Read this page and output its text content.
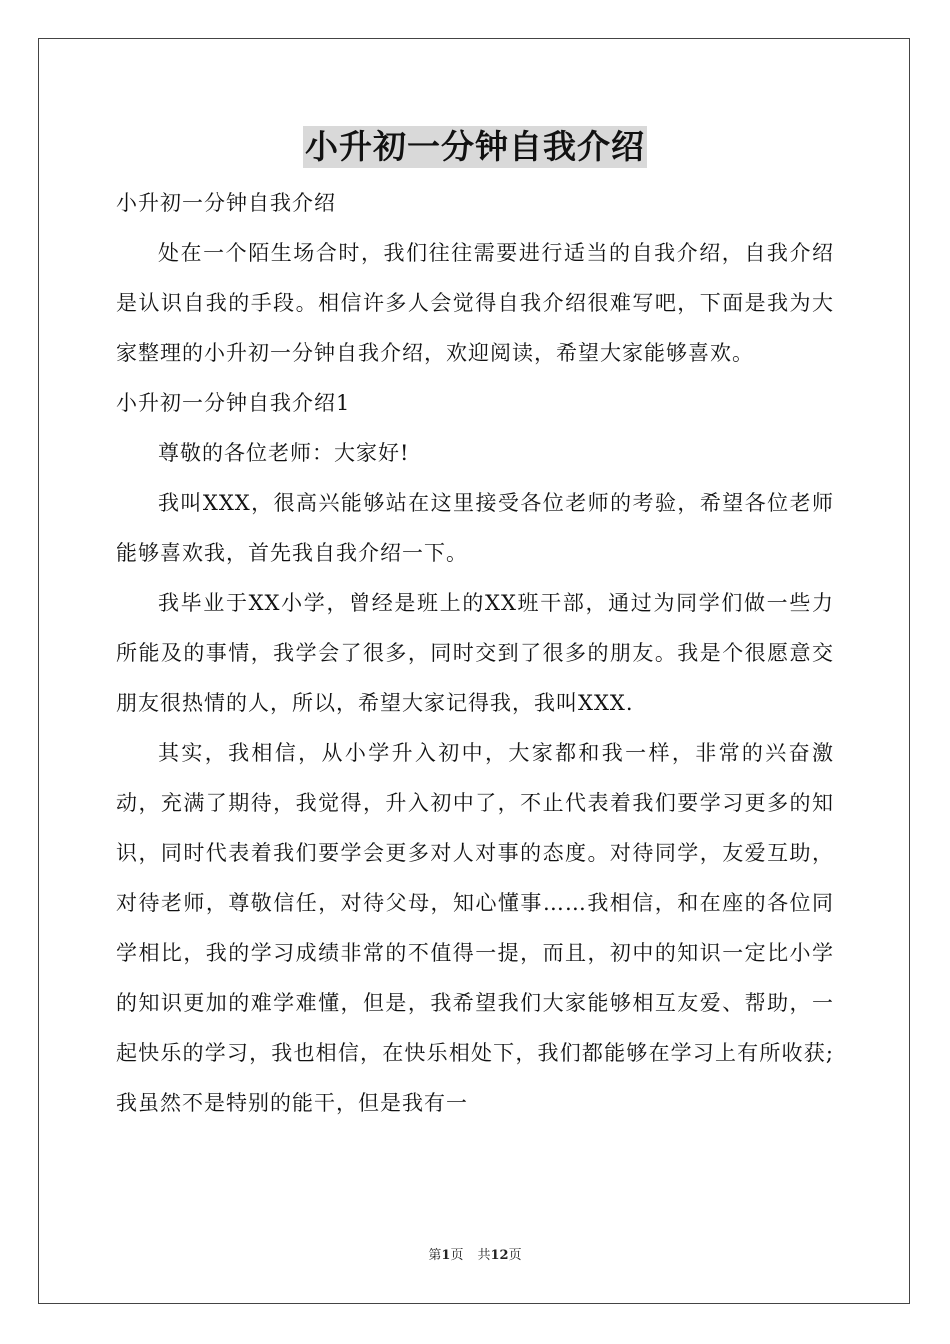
小升初一分钟自我介绍

小升初一分钟自我介绍

处在一个陌生场合时，我们往往需要进行适当的自我介绍，自我介绍是认识自我的手段。相信许多人会觉得自我介绍很难写吧，下面是我为大家整理的小升初一分钟自我介绍，欢迎阅读，希望大家能够喜欢。

小升初一分钟自我介绍1

尊敬的各位老师：大家好!

我叫XXX，很高兴能够站在这里接受各位老师的考验，希望各位老师能够喜欢我，首先我自我介绍一下。

我毕业于XX小学，曾经是班上的XX班干部，通过为同学们做一些力所能及的事情，我学会了很多，同时交到了很多的朋友。我是个很愿意交朋友很热情的人，所以，希望大家记得我，我叫XXX.

其实，我相信，从小学升入初中，大家都和我一样，非常的兴奋激动，充满了期待，我觉得，升入初中了，不止代表着我们要学习更多的知识，同时代表着我们要学会更多对人对事的态度。对待同学，友爱互助，对待老师，尊敬信任，对待父母，知心懂事……我相信，和在座的各位同学相比，我的学习成绩非常的不值得一提，而且，初中的知识一定比小学的知识更加的难学难懂，但是，我希望我们大家能够相互友爱、帮助，一起快乐的学习，我也相信，在快乐相处下，我们都能够在学习上有所收获;我虽然不是特别的能干，但是我有一

第1页 共12页
